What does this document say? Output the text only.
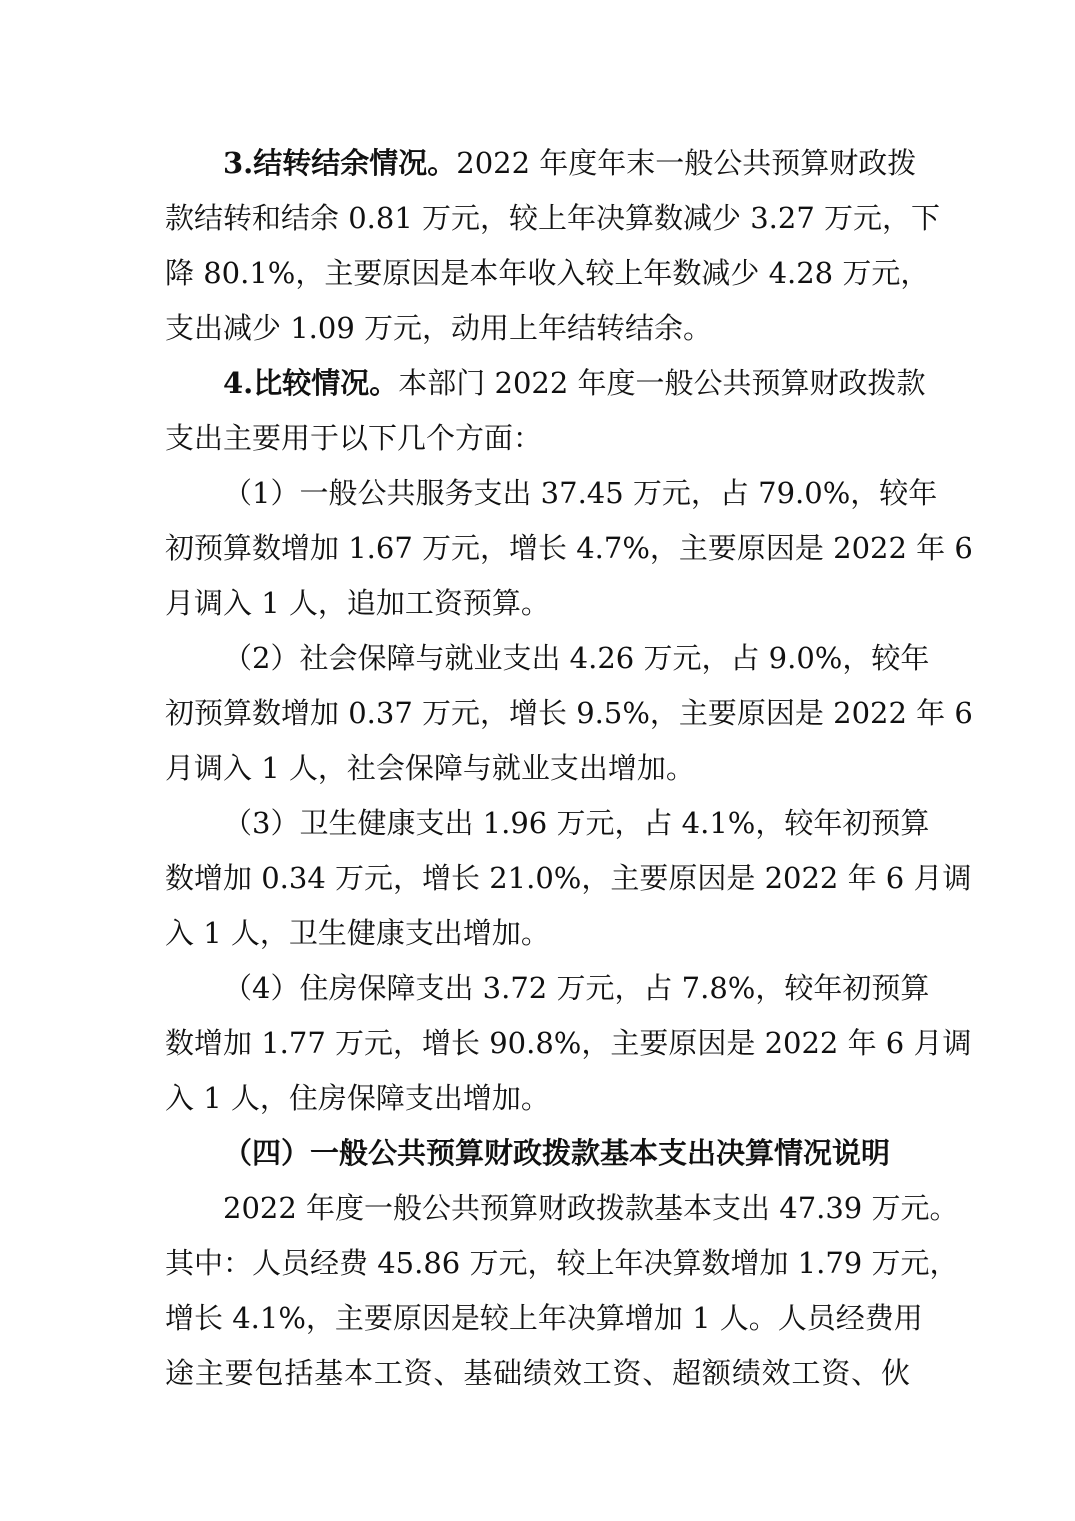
3.结转结余情况。2022 年度年末一般公共预算财政拨
款结转和结余 0.81 万元，较上年决算数减少 3.27 万元，下
降 80.1%，主要原因是本年收入较上年数减少 4.28 万元，
支出减少 1.09 万元，动用上年结转结余。
4.比较情况。本部门 2022 年度一般公共预算财政拨款
支出主要用于以下几个方面：
（1）一般公共服务支出 37.45 万元，占 79.0%，较年
初预算数增加 1.67 万元，增长 4.7%，主要原因是 2022 年 6
月调入 1 人，追加工资预算。
（2）社会保障与就业支出 4.26 万元，占 9.0%，较年
初预算数增加 0.37 万元，增长 9.5%，主要原因是 2022 年 6
月调入 1 人，社会保障与就业支出增加。
（3）卫生健康支出 1.96 万元，占 4.1%，较年初预算
数增加 0.34 万元，增长 21.0%，主要原因是 2022 年 6 月调
入 1 人，卫生健康支出增加。
（4）住房保障支出 3.72 万元，占 7.8%，较年初预算
数增加 1.77 万元，增长 90.8%，主要原因是 2022 年 6 月调
入 1 人，住房保障支出增加。
（四）一般公共预算财政拨款基本支出决算情况说明
2022 年度一般公共预算财政拨款基本支出 47.39 万元。
其中：人员经费 45.86 万元，较上年决算数增加 1.79 万元，
增长 4.1%，主要原因是较上年决算增加 1 人。人员经费用
途主要包括基本工资、基础绩效工资、超额绩效工资、伙
